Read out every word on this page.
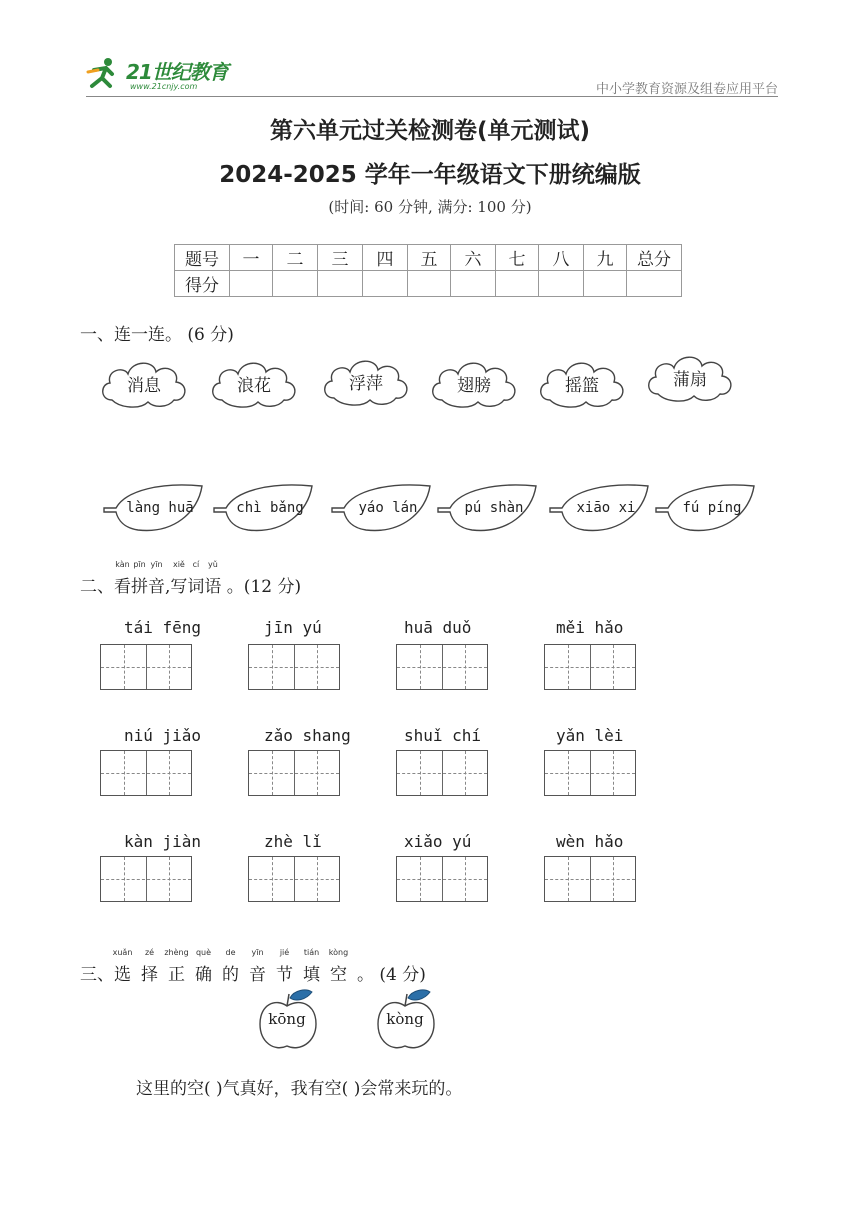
21世纪教育
www.21cnjy.com	中小学教育资源及组卷应用平台
第六单元过关检测卷(单元测试)
2024-2025 学年一年级语文下册统编版
(时间: 60 分钟, 满分: 100 分)
题号	一	二	三	四	五	六	七	八	九	总分
得分										
一、连一连。 (6 分)
消息	浪花	浮萍	翅膀	摇篮	蒲扇
làng huā	chì bǎng	yáo lán	pú shàn	xiāo xi	fú píng
二、
kàn
看
pīn
拼
yīn
音
,
xiě
写
cí
词
yǔ
语 。(12 分)
tái fēng	jīn yú	huā duǒ	měi hǎo
niú jiǎo	zǎo shang	shuǐ chí	yǎn lèi
kàn jiàn	zhè lǐ	xiǎo yú	wèn hǎo
三、
xuǎn
选
zé
择
zhèng
正
què
确
de
的
yīn
音
jié
节
tián
填
kòng
空 。 (4 分)
kōng	kòng
这里的空( )气真好，我有空( )会常来玩的。
